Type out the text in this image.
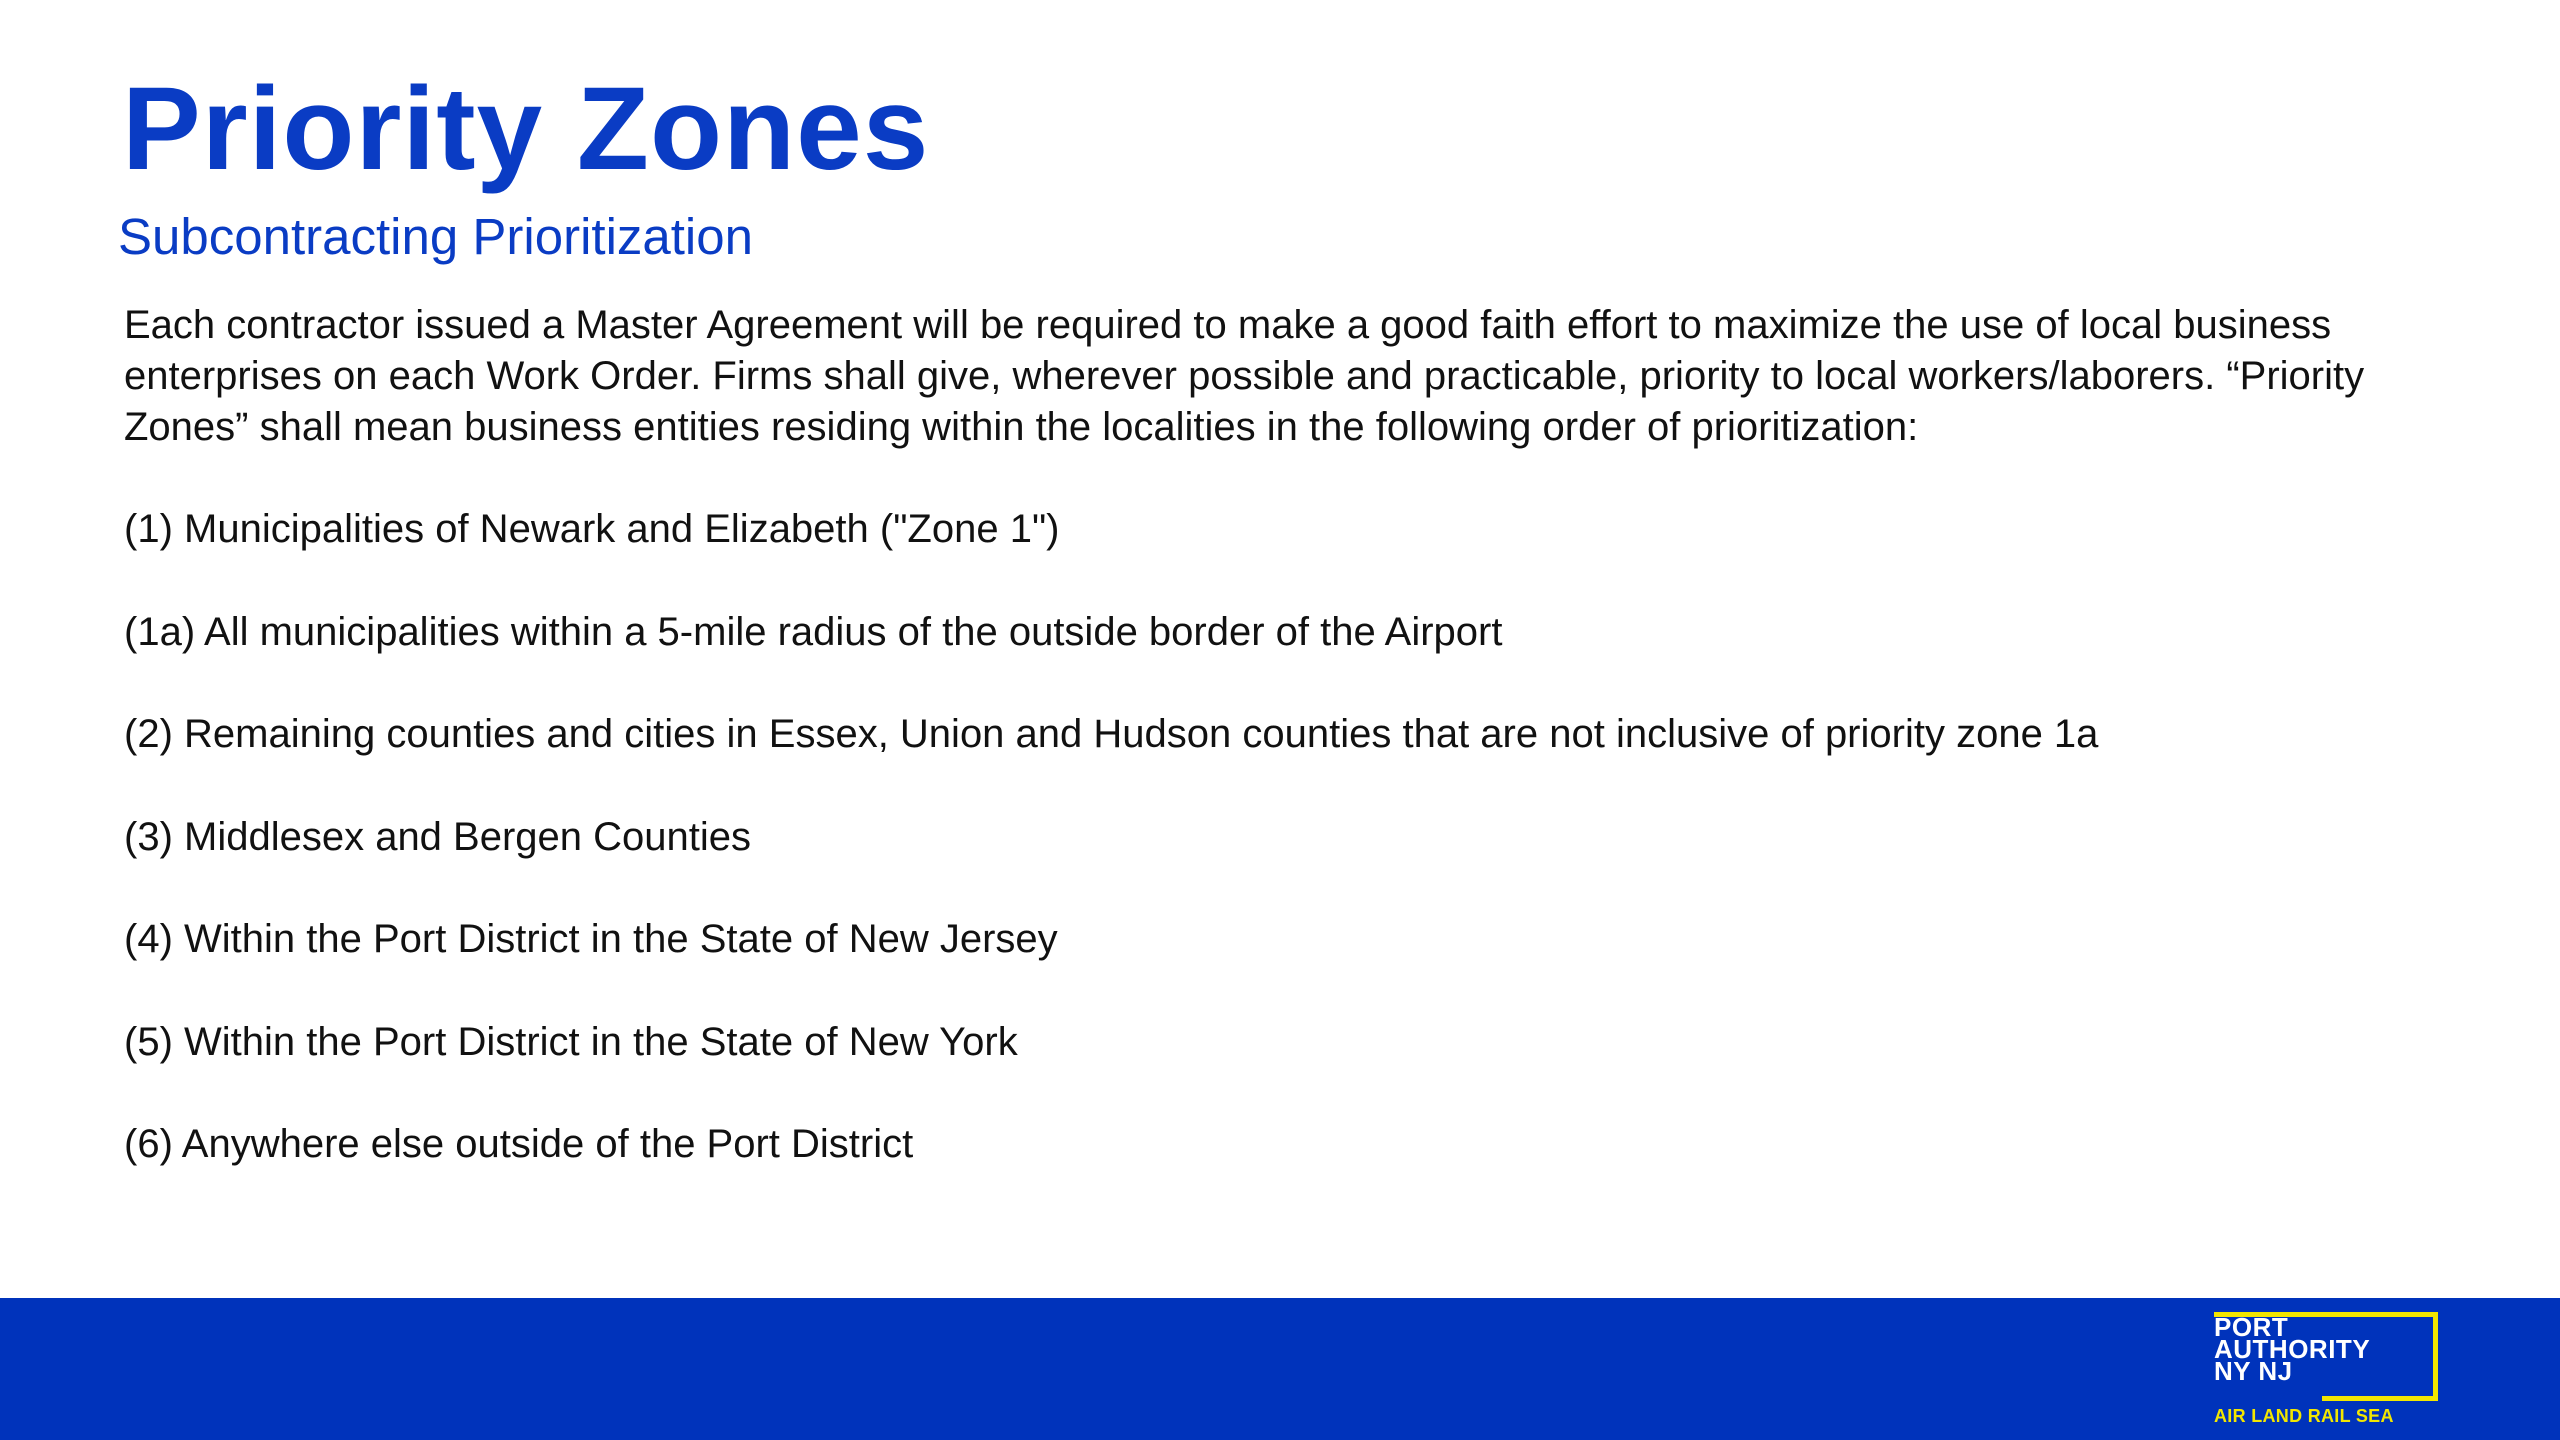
Priority Zones
Subcontracting Prioritization

Each contractor issued a Master Agreement will be required to make a good faith effort to maximize the use of local business enterprises on each Work Order. Firms shall give, wherever possible and practicable, priority to local workers/laborers. “Priority Zones” shall mean business entities residing within the localities in the following order of prioritization:

(1) Municipalities of Newark and Elizabeth ("Zone 1")
(1a) All municipalities within a 5-mile radius of the outside border of the Airport
(2) Remaining counties and cities in Essex, Union and Hudson counties that are not inclusive of priority zone 1a
(3) Middlesex and Bergen Counties
(4) Within the Port District in the State of New Jersey
(5) Within the Port District in the State of New York
(6) Anywhere else outside of the Port District

PORT

AUTHORITY

NY NJ

AIR LAND RAIL SEA
